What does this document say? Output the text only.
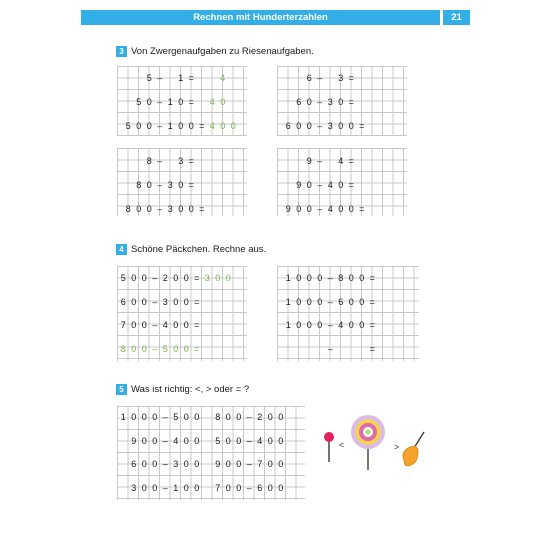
Rechnen mit Hunderterzahlen	21
3 Von Zwergenaufgaben zu Riesenaufgaben.
4 Schöne Päckchen. Rechne aus.
5 Was ist richtig: <, > oder = ?
<	>
5 –	1 =	4
5 0 – 1 0 =	4 0
5 0 0 – 1 0 0 = 4 0 0
6 –	3 =
6 0 – 3 0 =
6 0 0 – 3 0 0 =
8 –	3 =
8 0 – 3 0 =
8 0 0 – 3 0 0 =
9 –	4 =
9 0 – 4 0 =
9 0 0 – 4 0 0 =
5 0 0 – 2 0 0 = 3 0 0
6 0 0 – 3 0 0 =
7 0 0 – 4 0 0 =
8 0 0 – 5 0 0 =
1 0 0 0 – 8 0 0 =
1 0 0 0 – 6 0 0 =
1 0 0 0 – 4 0 0 =
–	=
1 0 0 0 – 5 0 0	8 0 0 – 2 0 0
9 0 0 – 4 0 0	5 0 0 – 4 0 0
6 0 0 – 3 0 0	9 0 0 – 7 0 0
3 0 0 – 1 0 0	7 0 0 – 6 0 0
